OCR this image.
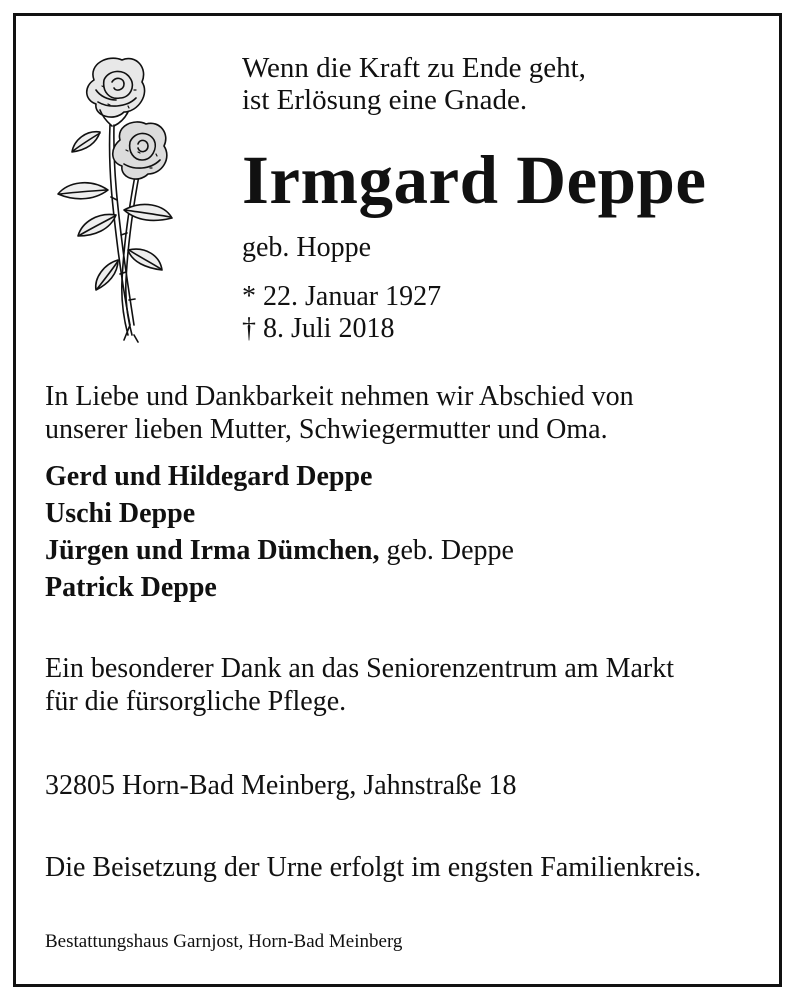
Wenn die Kraft zu Ende geht,
ist Erlösung eine Gnade.
Irmgard Deppe
geb. Hoppe
* 22. Januar 1927
† 8. Juli 2018
In Liebe und Dankbarkeit nehmen wir Abschied von
unserer lieben Mutter, Schwiegermutter und Oma.
Gerd und Hildegard Deppe
Uschi Deppe
Jürgen und Irma Dümchen, geb. Deppe
Patrick Deppe
Ein besonderer Dank an das Seniorenzentrum am Markt
für die fürsorgliche Pflege.
32805 Horn-Bad Meinberg, Jahnstraße 18
Die Beisetzung der Urne erfolgt im engsten Familienkreis.
Bestattungshaus Garnjost, Horn-Bad Meinberg
